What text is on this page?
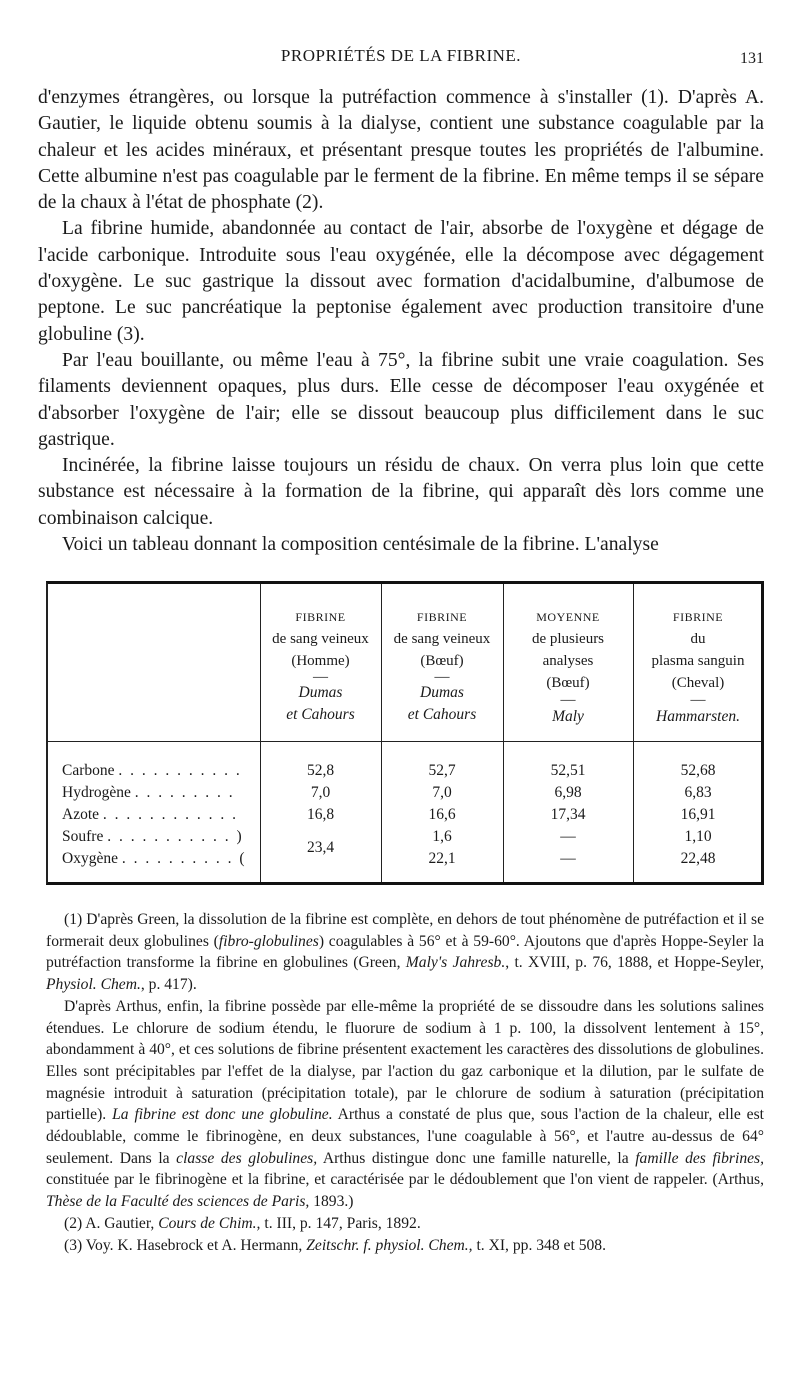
PROPRIÉTÉS DE LA FIBRINE.	131

d'enzymes étrangères, ou lorsque la putréfaction commence à s'installer (1). D'après A. Gautier, le liquide obtenu soumis à la dialyse, contient une substance coagulable par la chaleur et les acides minéraux, et présentant presque toutes les propriétés de l'albumine. Cette albumine n'est pas coagulable par le ferment de la fibrine. En même temps il se sépare de la chaux à l'état de phosphate (2).

La fibrine humide, abandonnée au contact de l'air, absorbe de l'oxygène et dégage de l'acide carbonique. Introduite sous l'eau oxygénée, elle la décompose avec dégagement d'oxygène. Le suc gastrique la dissout avec formation d'acidalbumine, d'albumose de peptone. Le suc pancréatique la peptonise également avec production transitoire d'une globuline (3).

Par l'eau bouillante, ou même l'eau à 75°, la fibrine subit une vraie coagulation. Ses filaments deviennent opaques, plus durs. Elle cesse de décomposer l'eau oxygénée et d'absorber l'oxygène de l'air; elle se dissout beaucoup plus difficilement dans le suc gastrique.

Incinérée, la fibrine laisse toujours un résidu de chaux. On verra plus loin que cette substance est nécessaire à la formation de la fibrine, qui apparaît dès lors comme une combinaison calcique.

Voici un tableau donnant la composition centésimale de la fibrine. L'analyse

FIBRINE
de sang veineux
(Homme)

—
Dumas
et Cahours
FIBRINE
de sang veineux
(Bœuf)

—
Dumas
et Cahours
MOYENNE
de plusieurs
analyses
(Bœuf)

—
Maly
FIBRINE
du
plasma sanguin
(Cheval)

—
Hammarsten.
Carbone . . . . . . . . . . .
Hydrogène . . . . . . . . .
Azote . . . . . . . . . . . .
Soufre . . . . . . . . . . . )
Oxygène . . . . . . . . . . (
52,8
7,0
16,8
23,4
52,7
7,0
16,6
1,6
22,1
52,51
6,98
17,34
—
—
52,68
6,83
16,91
1,10
22,48

(1) D'après Green, la dissolution de la fibrine est complète, en dehors de tout phénomène de putréfaction et il se formerait deux globulines (fibro-globulines) coagulables à 56° et à 59-60°. Ajoutons que d'après Hoppe-Seyler la putréfaction transforme la fibrine en globulines (Green, Maly's Jahresb., t. XVIII, p. 76, 1888, et Hoppe-Seyler, Physiol. Chem., p. 417).

D'après Arthus, enfin, la fibrine possède par elle-même la propriété de se dissoudre dans les solutions salines étendues. Le chlorure de sodium étendu, le fluorure de sodium à 1 p. 100, la dissolvent lentement à 15°, abondamment à 40°, et ces solutions de fibrine présentent exactement les caractères des dissolutions de globulines. Elles sont précipitables par l'effet de la dialyse, par l'action du gaz carbonique et la dilution, par le sulfate de magnésie introduit à saturation (précipitation totale), par le chlorure de sodium à saturation (précipitation partielle). La fibrine est donc une globuline. Arthus a constaté de plus que, sous l'action de la chaleur, elle est dédoublable, comme le fibrinogène, en deux substances, l'une coagulable à 56°, et l'autre au-dessus de 64° seulement. Dans la classe des globulines, Arthus distingue donc une famille naturelle, la famille des fibrines, constituée par le fibrinogène et la fibrine, et caractérisée par le dédoublement que l'on vient de rappeler. (Arthus, Thèse de la Faculté des sciences de Paris, 1893.)

(2) A. Gautier, Cours de Chim., t. III, p. 147, Paris, 1892.

(3) Voy. K. Hasebrock et A. Hermann, Zeitschr. f. physiol. Chem., t. XI, pp. 348 et 508.
